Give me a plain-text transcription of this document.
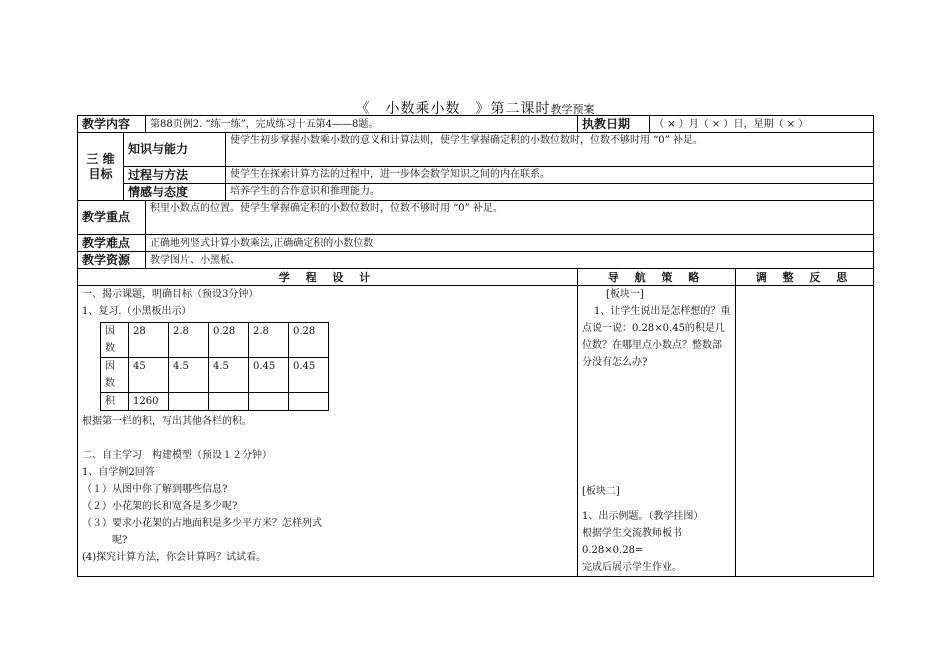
《　小数乘小数　》第二课时教学预案
教学内容	第88页例2. “练一练”，完成练习十五第4——8题。	执教日期	（ × ）月（ × ）日，星期（ × ）

三 维
目标
	知识与能力	使学生初步掌握小数乘小数的意义和计算法则，使学生掌握确定积的小数位数时，位数不够时用 “0” 补足。
过程与方法	使学生在探索计算方法的过程中，进一步体会数学知识之间的内在联系。
情感与态度	培养学生的合作意识和推理能力。
教学重点	积里小数点的位置。使学生掌握确定积的小数位数时，位数不够时用 “0” 补足。
教学难点	正确地列竖式计算小数乘法,正确确定积的小数位数
教学资源	教学图片、小黑板、
学 程 设 计	导 航 策 略	调 整 反 思

一、揭示课题，明确目标（预设3分钟）

1、复习.（小黑板出示）

因数	28	2.8	0.28	2.8	0.28
因数	45	4.5	4.5	0.45	0.45
积	1260				

根据第一栏的积，写出其他各栏的积。

二、自主学习　构建模型（预设１２分钟）

1、自学例2回答

（１）从图中你了解到哪些信息?

（２）小花架的长和宽各是多少呢?

（３）要求小花架的占地面积是多少平方米？怎样列式

呢?

(4)探究计算方法，你会计算吗？试试看。

[板块一]

1、让学生说出是怎样想的？重点说一说：0.28×0.45的积是几位数？在哪里点小数点？整数部分没有怎么办?

[板块二]

1、出示例题。（教学挂图）

根据学生交流教师板书

0.28×0.28=

完成后展示学生作业。
